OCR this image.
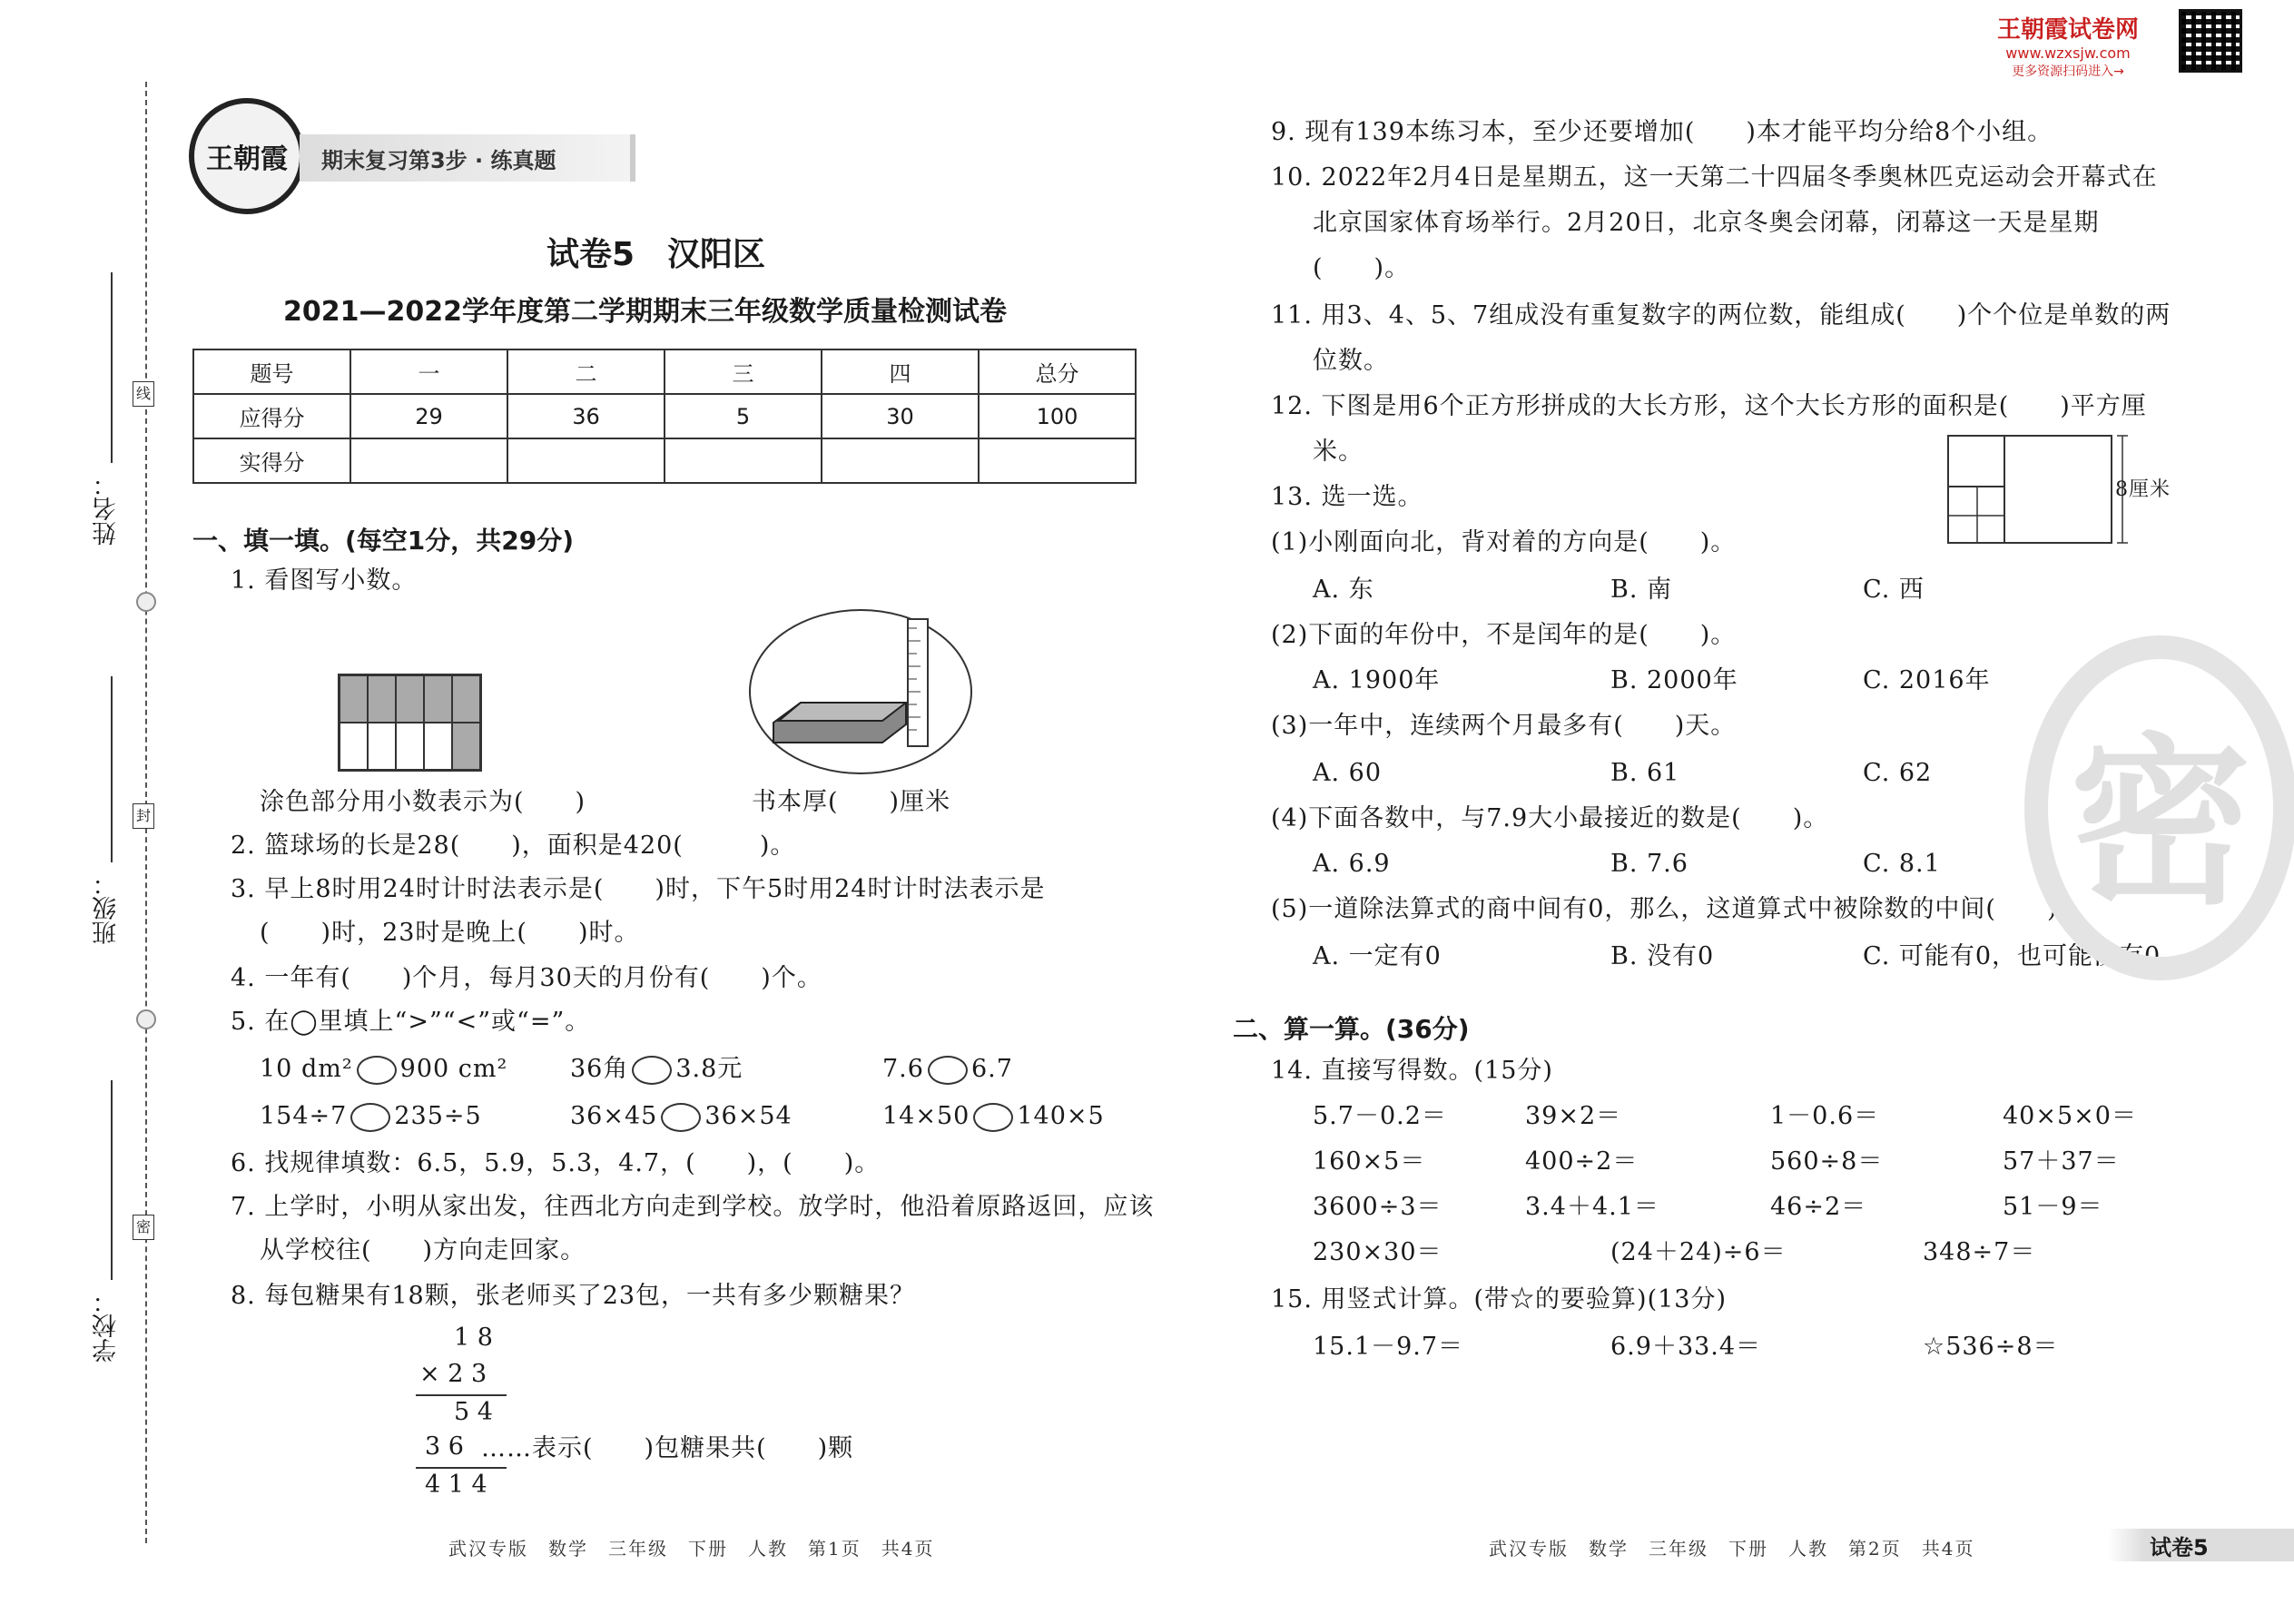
姓名：
线
班级：
封
学校：
密
王朝霞 期末复习第3步 · 练真题
王朝霞试卷网
www.wzxsjw.com
更多资源扫码进入→
试卷5　汉阳区
2021—2022学年度第二学期期末三年级数学质量检测试卷
题号	一	二	三	四	总分
应得分	29	36	5	30	100
实得分					
一、填一填。(每空1分，共29分)
1. 看图写小数。
涂色部分用小数表示为(　　)	书本厚(　　)厘米
2. 篮球场的长是28(　　)，面积是420(　　　)。
3. 早上8时用24时计时法表示是(　　)时，下午5时用24时计时法表示是
(　　)时，23时是晚上(　　)时。
4. 一年有(　　)个月，每月30天的月份有(　　)个。
5. 在◯里填上“>”“<”或“=”。
10 dm² 900 cm²	36角 3.8元	7.6 6.7
154÷7 235÷5	36×45 36×54	14×50 140×5
6. 找规律填数：6.5，5.9，5.3，4.7，(　　)，(　　)。
7. 上学时，小明从家出发，往西北方向走到学校。放学时，他沿着原路返回，应该
从学校往(　　)方向走回家。
8. 每包糖果有18颗，张老师买了23包，一共有多少颗糖果？
1 8
× 2 3
5 4
3 6 ……表示(　　)包糖果共(　　)颗
4 1 4
武汉专版　数学　三年级　下册　人教　第1页　共4页
9. 现有139本练习本，至少还要增加(　　)本才能平均分给8个小组。
10. 2022年2月4日是星期五，这一天第二十四届冬季奥林匹克运动会开幕式在
北京国家体育场举行。2月20日，北京冬奥会闭幕，闭幕这一天是星期
(　　)。
11. 用3、4、5、7组成没有重复数字的两位数，能组成(　　)个个位是单数的两
位数。
12. 下图是用6个正方形拼成的大长方形，这个大长方形的面积是(　　)平方厘
米。
8厘米
13. 选一选。
(1)小刚面向北，背对着的方向是(　　)。
A. 东	B. 南	C. 西
(2)下面的年份中，不是闰年的是(　　)。
A. 1900年	B. 2000年	C. 2016年
(3)一年中，连续两个月最多有(　　)天。
A. 60	B. 61	C. 62
(4)下面各数中，与7.9大小最接近的数是(　　)。
A. 6.9	B. 7.6	C. 8.1
(5)一道除法算式的商中间有0，那么，这道算式中被除数的中间(　　)。
A. 一定有0	B. 没有0	C. 可能有0，也可能没有0
二、算一算。(36分)
14. 直接写得数。(15分)
5.7－0.2＝	39×2＝	1－0.6＝	40×5×0＝
160×5＝	400÷2＝	560÷8＝	57＋37＝
3600÷3＝	3.4＋4.1＝	46÷2＝	51－9＝
230×30＝	(24＋24)÷6＝	348÷7＝
15. 用竖式计算。(带☆的要验算)(13分)
15.1－9.7＝	6.9＋33.4＝	☆536÷8＝
武汉专版　数学　三年级　下册　人教　第2页　共4页	试卷5
密
